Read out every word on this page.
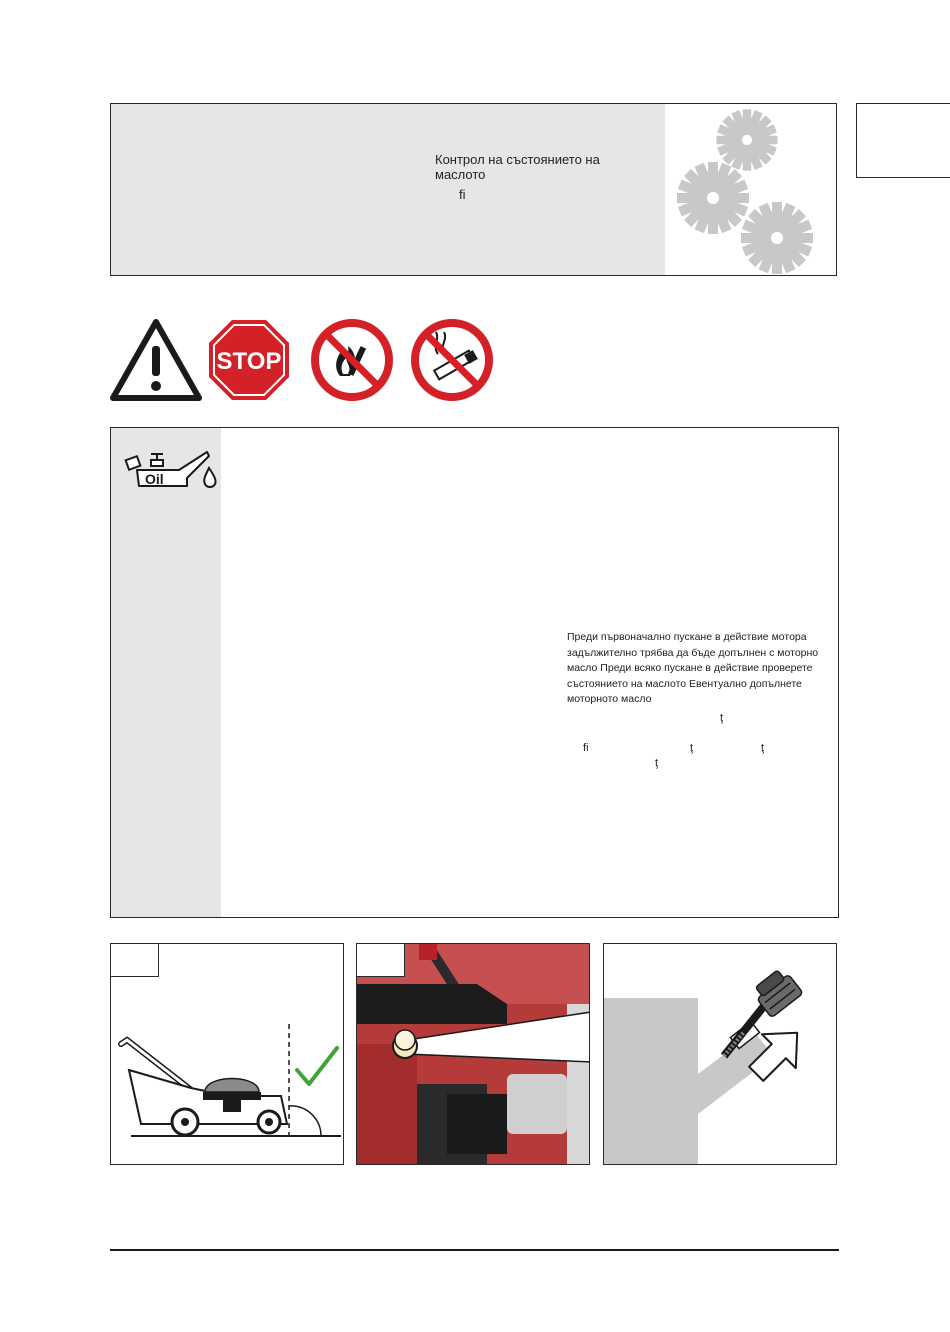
Контрол на състоянието на маслото
ﬁ
STOP
Oil
Преди първоначално пускане в действие мотора задължително трябва да бъде допълнен с моторно масло Преди всяко пускане в действие проверете състоянието на маслото Евентуално допълнете моторното масло
ţ
ﬁ	ţ	ţ
ţ
